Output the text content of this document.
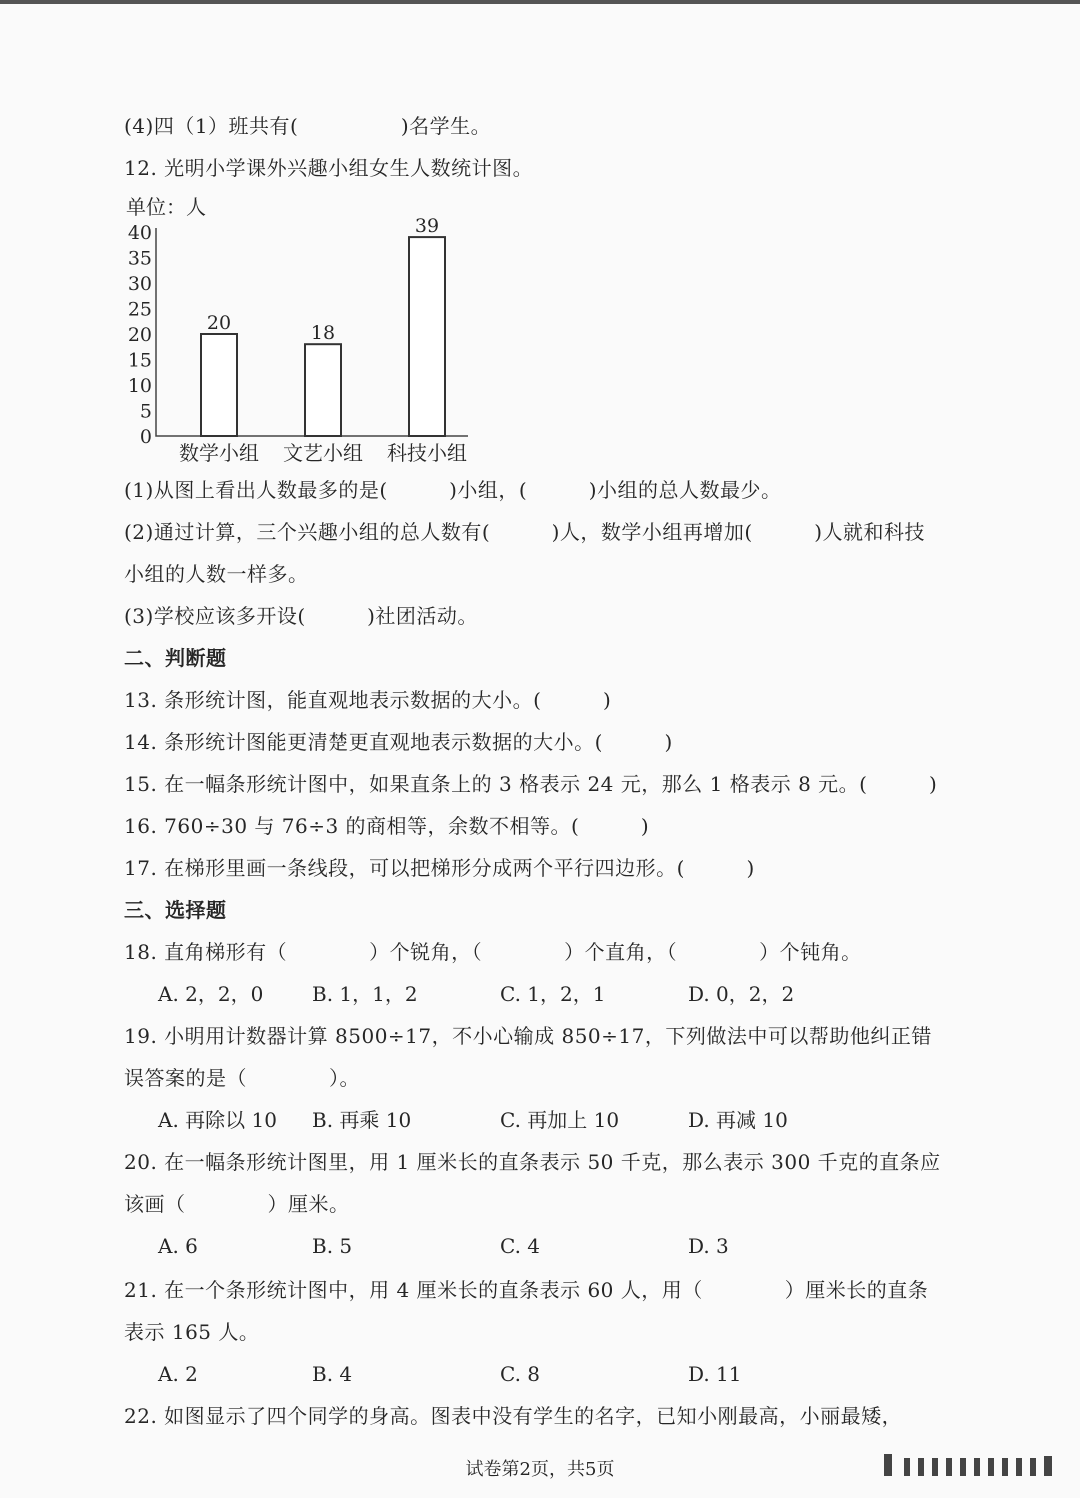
(4)四（1）班共有(　　　　　)名学生。
12. 光明小学课外兴趣小组女生人数统计图。
单位：人
0
5
10
15
20
25
30
35
40
20	18
39
数学小组 文艺小组 科技小组
(1)从图上看出人数最多的是(　　　)小组，(　　　)小组的总人数最少。
(2)通过计算，三个兴趣小组的总人数有(　　　)人，数学小组再增加(　　　)人就和科技
小组的人数一样多。
(3)学校应该多开设(　　　)社团活动。
二、判断题
13. 条形统计图，能直观地表示数据的大小。(　　　)
14. 条形统计图能更清楚更直观地表示数据的大小。(　　　)
15. 在一幅条形统计图中，如果直条上的 3 格表示 24 元，那么 1 格表示 8 元。(　　　)
16. 760÷30 与 76÷3 的商相等，余数不相等。(　　　)
17. 在梯形里画一条线段，可以把梯形分成两个平行四边形。(　　　)
三、选择题
18. 直角梯形有（　　　　）个锐角，（　　　　）个直角，（　　　　）个钝角。
A. 2，2，0 B. 1，1，2	C. 1，2，1	D. 0，2，2
19. 小明用计数器计算 8500÷17，不小心输成 850÷17，下列做法中可以帮助他纠正错
误答案的是（　　　　）。
A. 再除以 10 B. 再乘 10	C. 再加上 10	D. 再减 10
20. 在一幅条形统计图里，用 1 厘米长的直条表示 50 千克，那么表示 300 千克的直条应
该画（　　　　）厘米。
A. 6	B. 5	C. 4	D. 3
21. 在一个条形统计图中，用 4 厘米长的直条表示 60 人，用（　　　　）厘米长的直条
表示 165 人。
A. 2	B. 4	C. 8	D. 11
22. 如图显示了四个同学的身高。图表中没有学生的名字，已知小刚最高，小丽最矮，
试卷第2页，共5页
